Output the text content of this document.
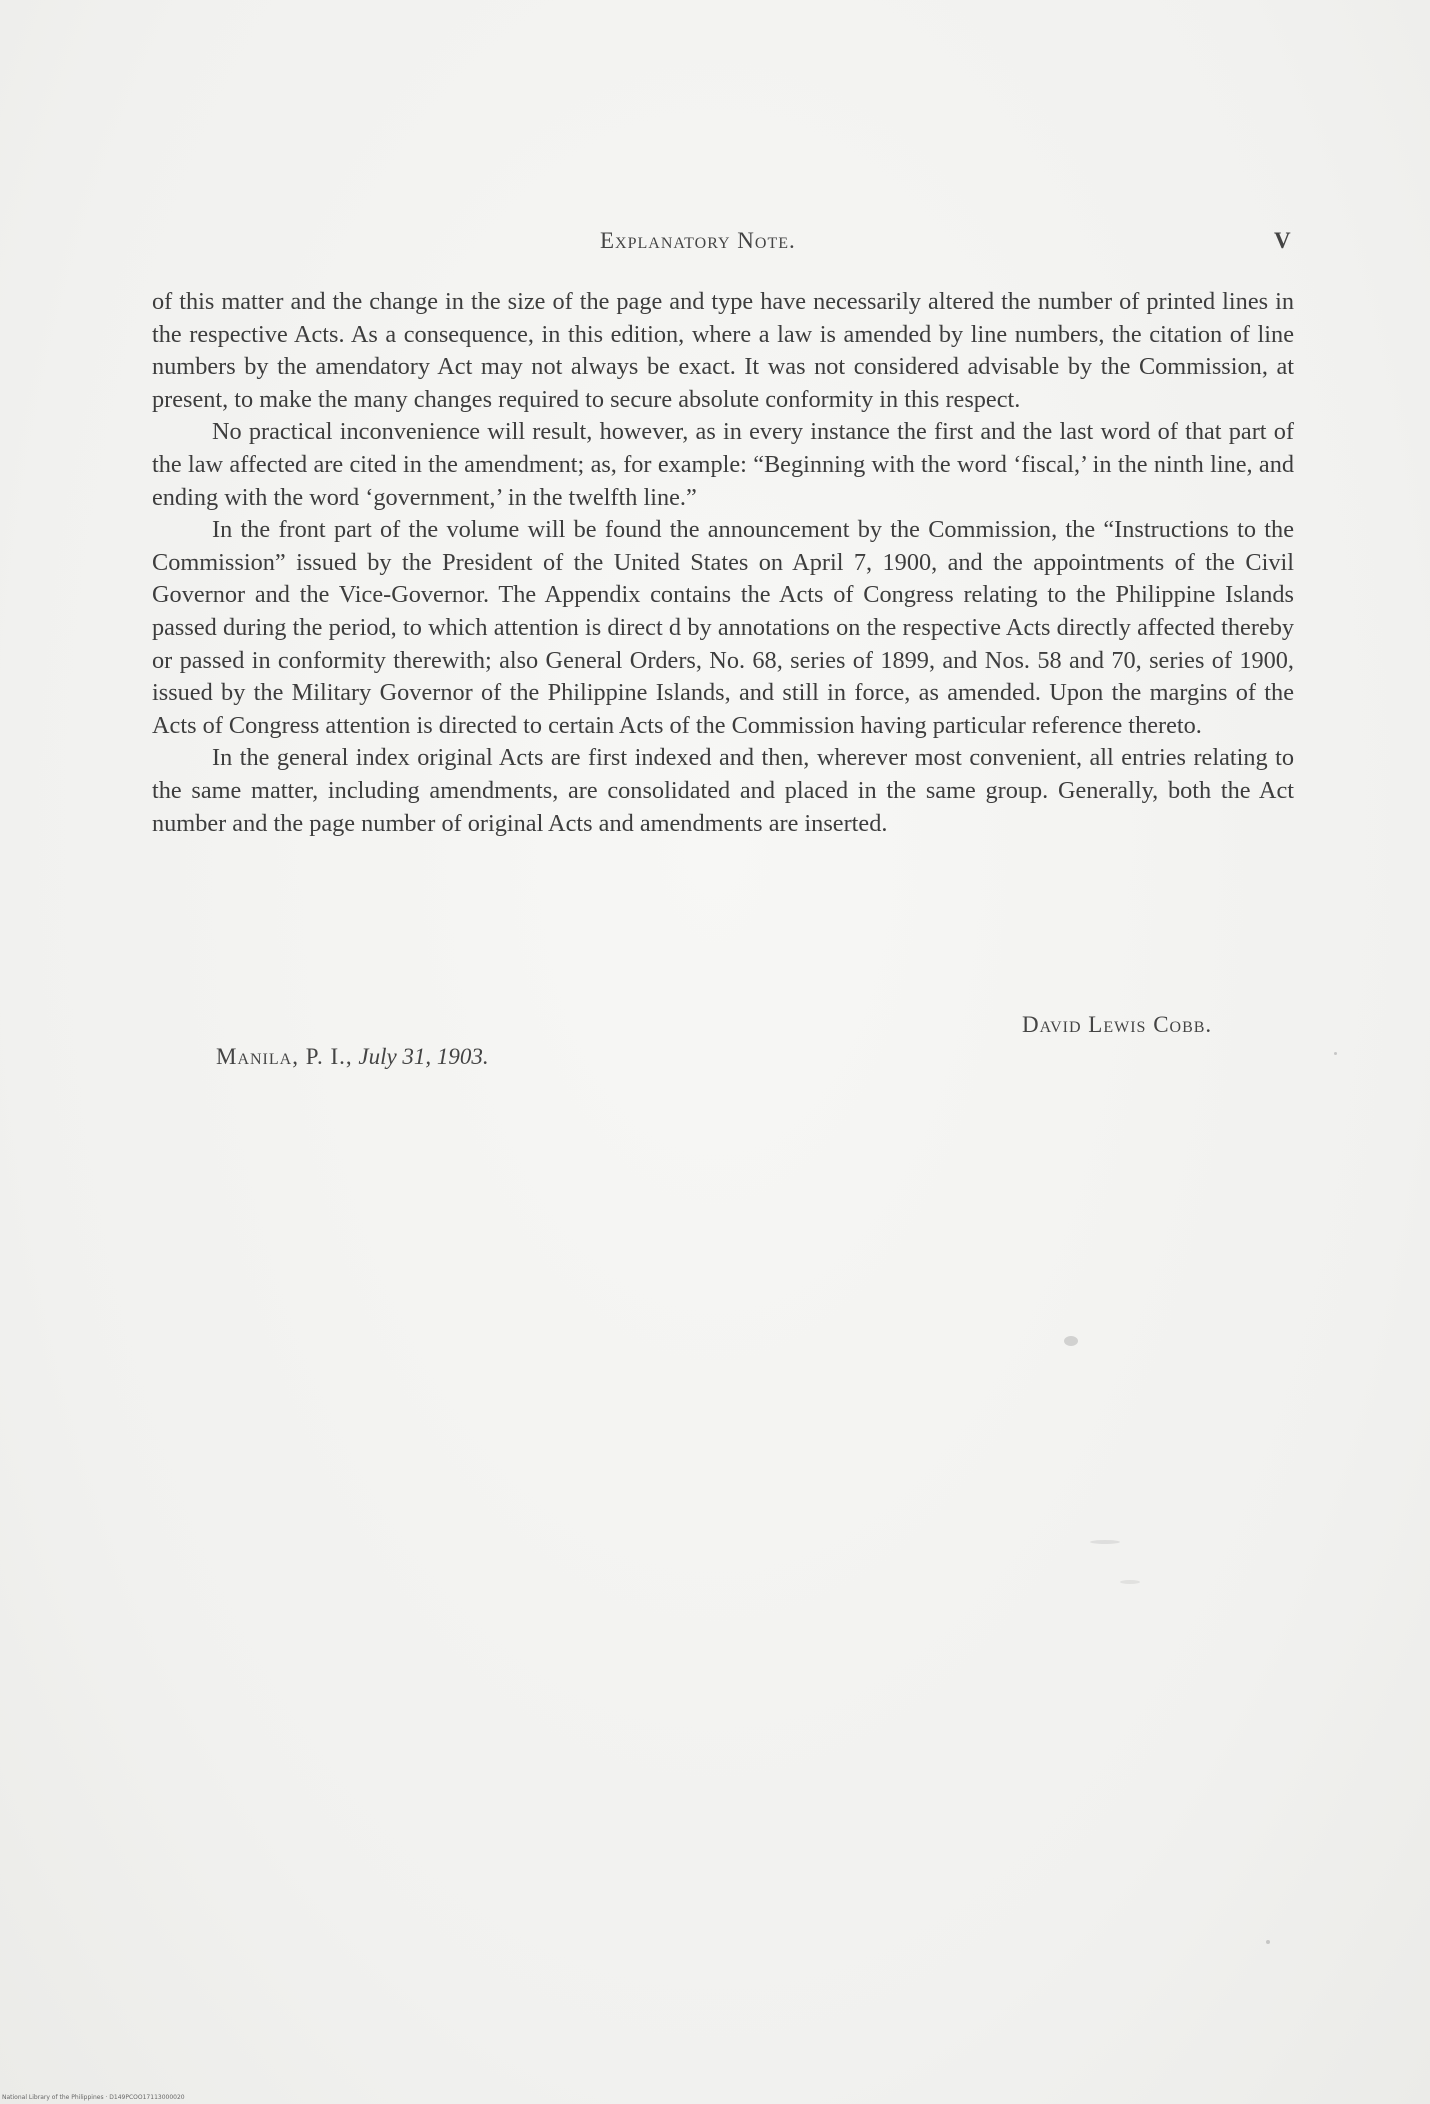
Explanatory Note.	V

of this matter and the change in the size of the page and type have necessarily altered the number of printed lines in the respective Acts. As a consequence, in this edition, where a law is amended by line numbers, the citation of line numbers by the amendatory Act may not always be exact. It was not considered advisable by the Commission, at present, to make the many changes required to secure absolute conformity in this respect.

No practical inconvenience will result, however, as in every instance the first and the last word of that part of the law affected are cited in the amendment; as, for example: “Beginning with the word ‘fiscal,’ in the ninth line, and ending with the word ‘government,’ in the twelfth line.”

In the front part of the volume will be found the announcement by the Commission, the “Instructions to the Commission” issued by the President of the United States on April 7, 1900, and the appointments of the Civil Governor and the Vice-Governor. The Appendix contains the Acts of Congress relating to the Philippine Islands passed during the period, to which attention is direct d by annotations on the respective Acts directly affected thereby or passed in conformity therewith; also General Orders, No. 68, series of 1899, and Nos. 58 and 70, series of 1900, issued by the Military Governor of the Philippine Islands, and still in force, as amended. Upon the margins of the Acts of Congress attention is directed to certain Acts of the Commission having particular reference thereto.

In the general index original Acts are first indexed and then, wherever most convenient, all entries relating to the same matter, including amendments, are consolidated and placed in the same group. Generally, both the Act number and the page number of original Acts and amendments are inserted.

David Lewis Cobb.
Manila, P. I., July 31, 1903.
National Library of the Philippines · D149PCOO17113000020
